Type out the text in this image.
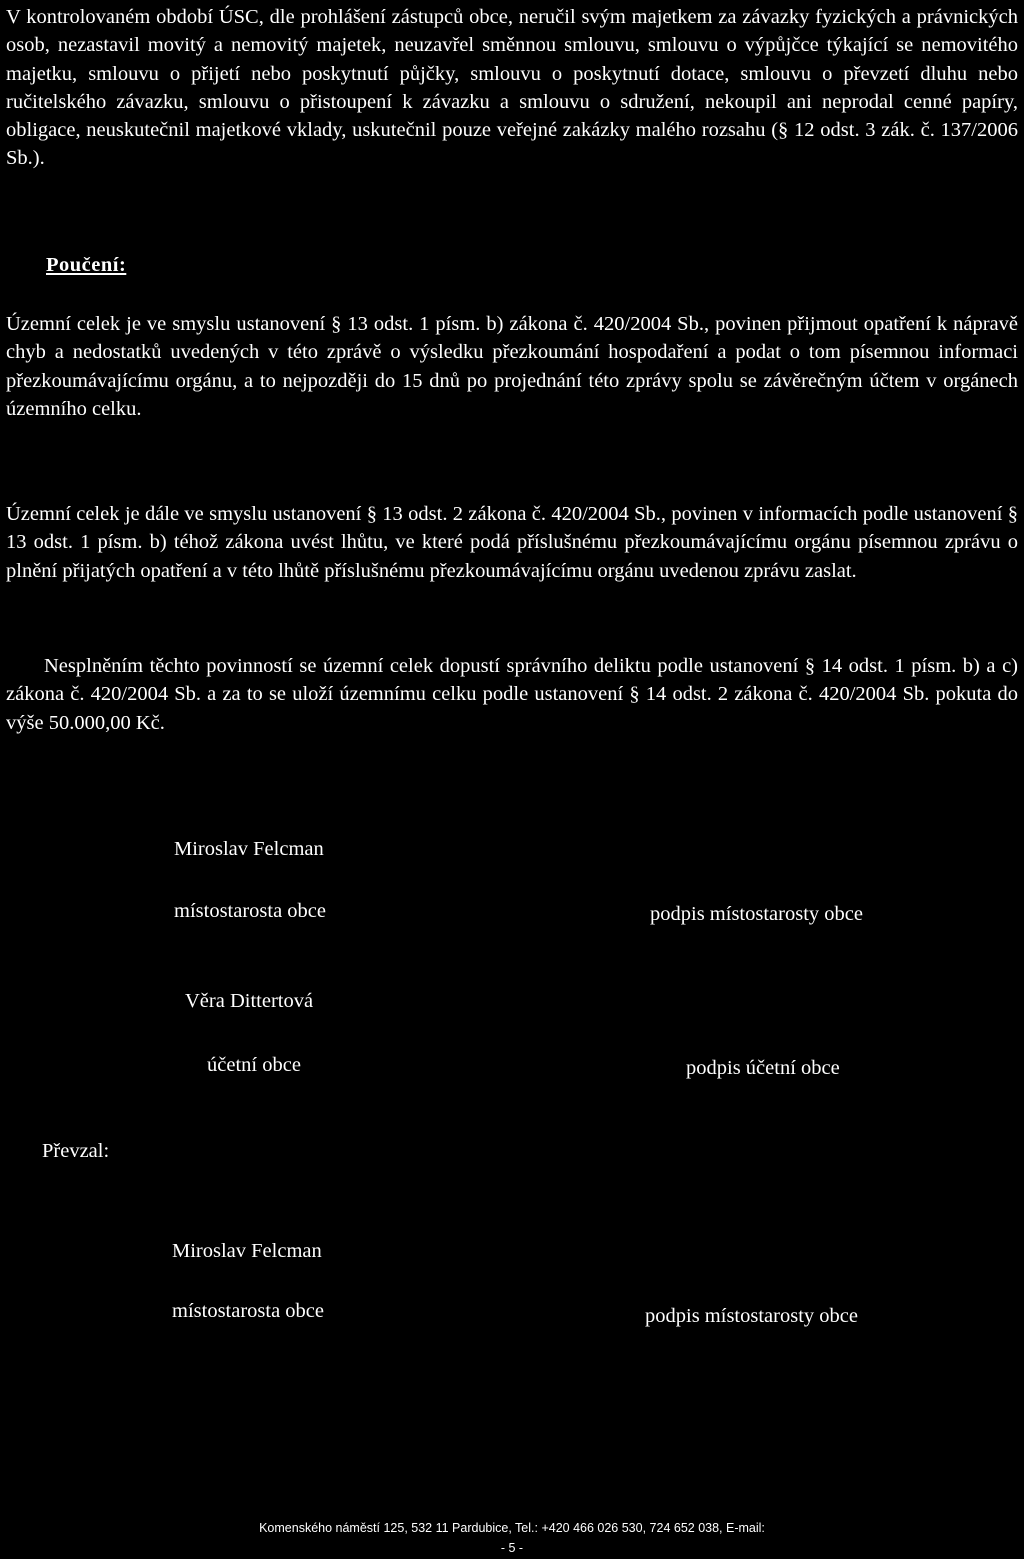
V kontrolovaném období ÚSC, dle prohlášení zástupců obce, neručil svým majetkem za závazky fyzických a právnických osob, nezastavil movitý a nemovitý majetek, neuzavřel směnnou smlouvu, smlouvu o výpůjčce týkající se nemovitého majetku, smlouvu o přijetí nebo poskytnutí půjčky, smlouvu o poskytnutí dotace, smlouvu o převzetí dluhu nebo ručitelského závazku, smlouvu o přistoupení k závazku a smlouvu o sdružení, nekoupil ani neprodal cenné papíry, obligace, neuskutečnil majetkové vklady, uskutečnil pouze veřejné zakázky malého rozsahu (§ 12 odst. 3 zák. č. 137/2006 Sb.).

Poučení:

Územní celek je ve smyslu ustanovení § 13 odst. 1 písm. b) zákona č. 420/2004 Sb., povinen přijmout opatření k nápravě chyb a nedostatků uvedených v této zprávě o výsledku přezkoumání hospodaření a podat o tom písemnou informaci přezkoumávajícímu orgánu, a to nejpozději do 15 dnů po projednání této zprávy spolu se závěrečným účtem v orgánech územního celku.

Územní celek je dále ve smyslu ustanovení § 13 odst. 2 zákona č. 420/2004 Sb., povinen v informacích podle ustanovení § 13 odst. 1 písm. b) téhož zákona uvést lhůtu, ve které podá příslušnému přezkoumávajícímu orgánu písemnou zprávu o plnění přijatých opatření a v této lhůtě příslušnému přezkoumávajícímu orgánu uvedenou zprávu zaslat.

Nesplněním těchto povinností se územní celek dopustí správního deliktu podle ustanovení § 14 odst. 1 písm. b) a c) zákona č. 420/2004 Sb. a za to se uloží územnímu celku podle ustanovení § 14 odst. 2 zákona č. 420/2004 Sb. pokuta do výše 50.000,00 Kč.

Miroslav Felcman
místostarosta obce	podpis místostarosty obce
Věra Dittertová
účetní obce	podpis účetní obce
Převzal:
Miroslav Felcman
místostarosta obce	podpis místostarosty obce
Komenského náměstí 125, 532 11 Pardubice, Tel.: +420 466 026 530, 724 652 038, E-mail:
- 5 -
